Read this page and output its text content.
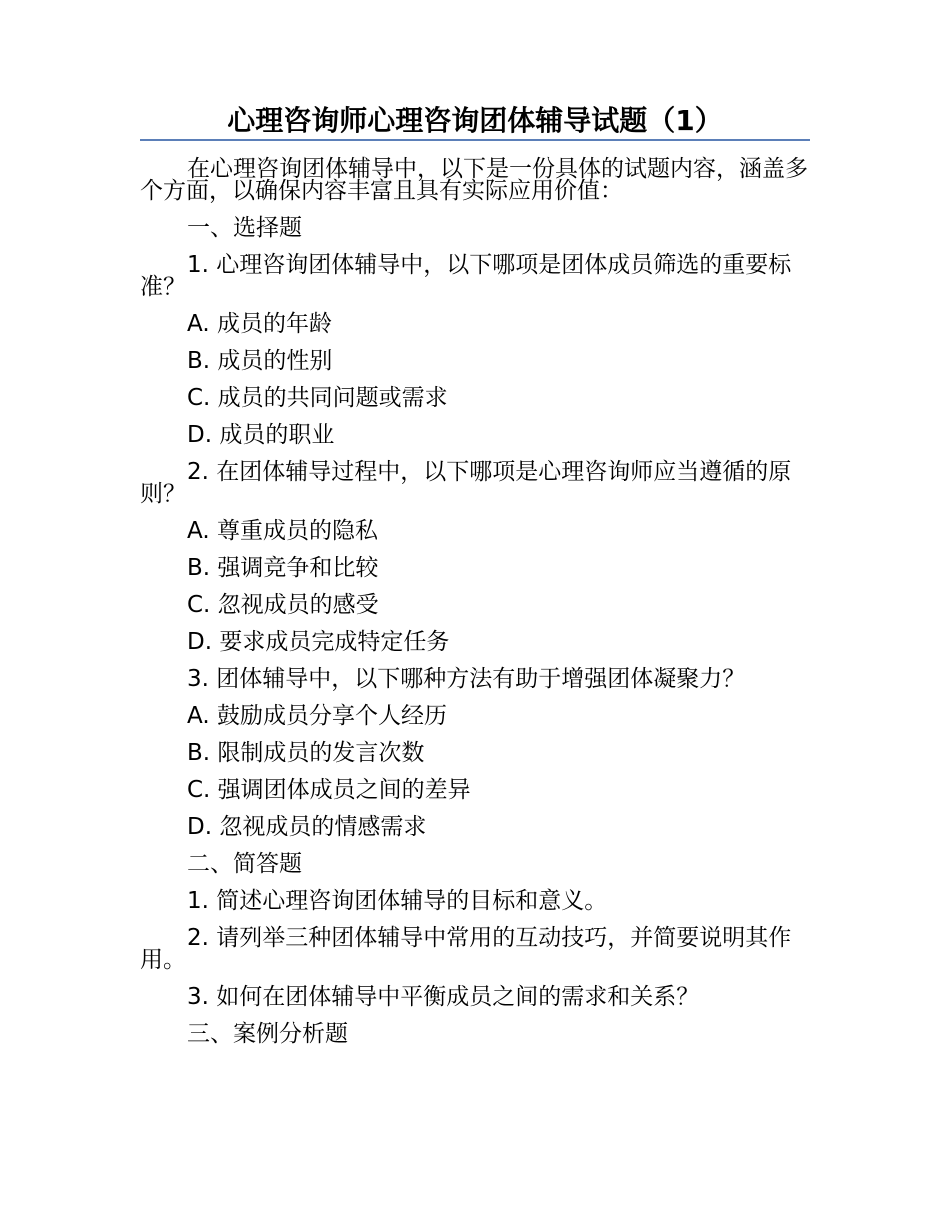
心理咨询师心理咨询团体辅导试题（1）

在心理咨询团体辅导中，以下是一份具体的试题内容，涵盖多个方面，以确保内容丰富且具有实际应用价值：

一、选择题

1. 心理咨询团体辅导中，以下哪项是团体成员筛选的重要标准？

A. 成员的年龄

B. 成员的性别

C. 成员的共同问题或需求

D. 成员的职业

2. 在团体辅导过程中，以下哪项是心理咨询师应当遵循的原则？

A. 尊重成员的隐私

B. 强调竞争和比较

C. 忽视成员的感受

D. 要求成员完成特定任务

3. 团体辅导中，以下哪种方法有助于增强团体凝聚力？

A. 鼓励成员分享个人经历

B. 限制成员的发言次数

C. 强调团体成员之间的差异

D. 忽视成员的情感需求

二、简答题

1. 简述心理咨询团体辅导的目标和意义。

2. 请列举三种团体辅导中常用的互动技巧，并简要说明其作用。

3. 如何在团体辅导中平衡成员之间的需求和关系？

三、案例分析题
